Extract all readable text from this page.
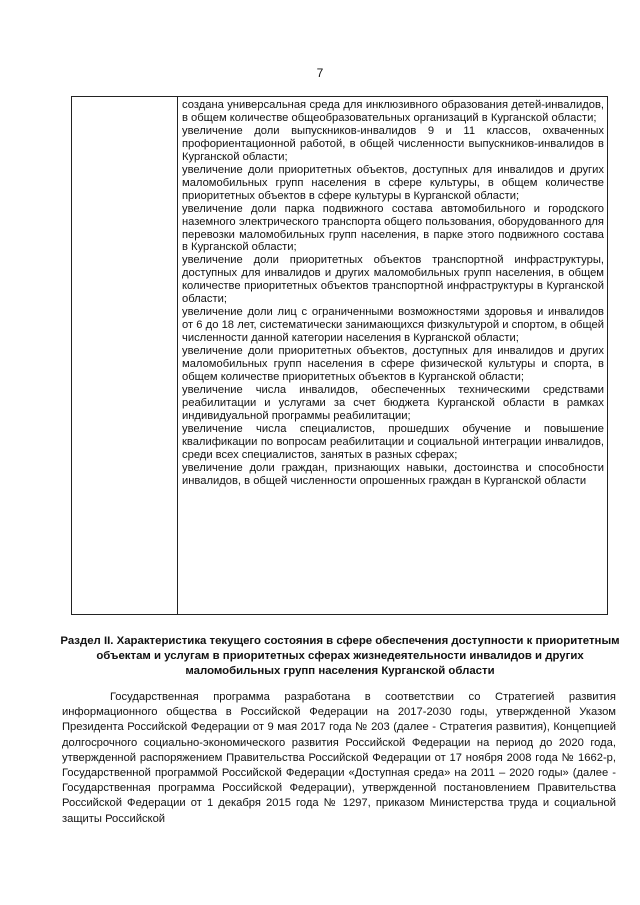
7

создана универсальная среда для инклюзивного образования детей-инвалидов, в общем количестве общеобразовательных организаций в Курганской области;

увеличение доли выпускников-инвалидов 9 и 11 классов, охваченных профориентационной работой, в общей численности выпускников-инвалидов в Курганской области;

увеличение доли приоритетных объектов, доступных для инвалидов и других маломобильных групп населения в сфере культуры, в общем количестве приоритетных объектов в сфере культуры в Курганской области;

увеличение доли парка подвижного состава автомобильного и городского наземного электрического транспорта общего пользования, оборудованного для перевозки маломобильных групп населения, в парке этого подвижного состава в Курганской области;

увеличение доли приоритетных объектов транспортной инфраструктуры, доступных для инвалидов и других маломобильных групп населения, в общем количестве приоритетных объектов транспортной инфраструктуры в Курганской области;

увеличение доли лиц с ограниченными возможностями здоровья и инвалидов от 6 до 18 лет, систематически занимающихся физкультурой и спортом, в общей численности данной категории населения в Курганской области;

увеличение доли приоритетных объектов, доступных для инвалидов и других маломобильных групп населения в сфере физической культуры и спорта, в общем количестве приоритетных объектов в Курганской области;

увеличение числа инвалидов, обеспеченных техническими средствами реабилитации и услугами за счет бюджета Курганской области в рамках индивидуальной программы реабилитации;

увеличение числа специалистов, прошедших обучение и повышение квалификации по вопросам реабилитации и социальной интеграции инвалидов, среди всех специалистов, занятых в разных сферах;

увеличение доли граждан, признающих навыки, достоинства и способности инвалидов, в общей численности опрошенных граждан в Курганской области

Раздел II. Характеристика текущего состояния в сфере обеспечения доступности к приоритетным объектам и услугам в приоритетных сферах жизнедеятельности инвалидов и других маломобильных групп населения Курганской области

Государственная программа разработана в соответствии со Стратегией развития информационного общества в Российской Федерации на 2017-2030 годы, утвержденной Указом Президента Российской Федерации от 9 мая 2017 года № 203 (далее - Стратегия развития), Концепцией долгосрочного социально-экономического развития Российской Федерации на период до 2020 года, утвержденной распоряжением Правительства Российской Федерации от 17 ноября 2008 года № 1662-р, Государственной программой Российской Федерации «Доступная среда» на 2011 – 2020 годы» (далее - Государственная программа Российской Федерации), утвержденной постановлением Правительства Российской Федерации от 1 декабря 2015 года № 1297, приказом Министерства труда и социальной защиты Российской
